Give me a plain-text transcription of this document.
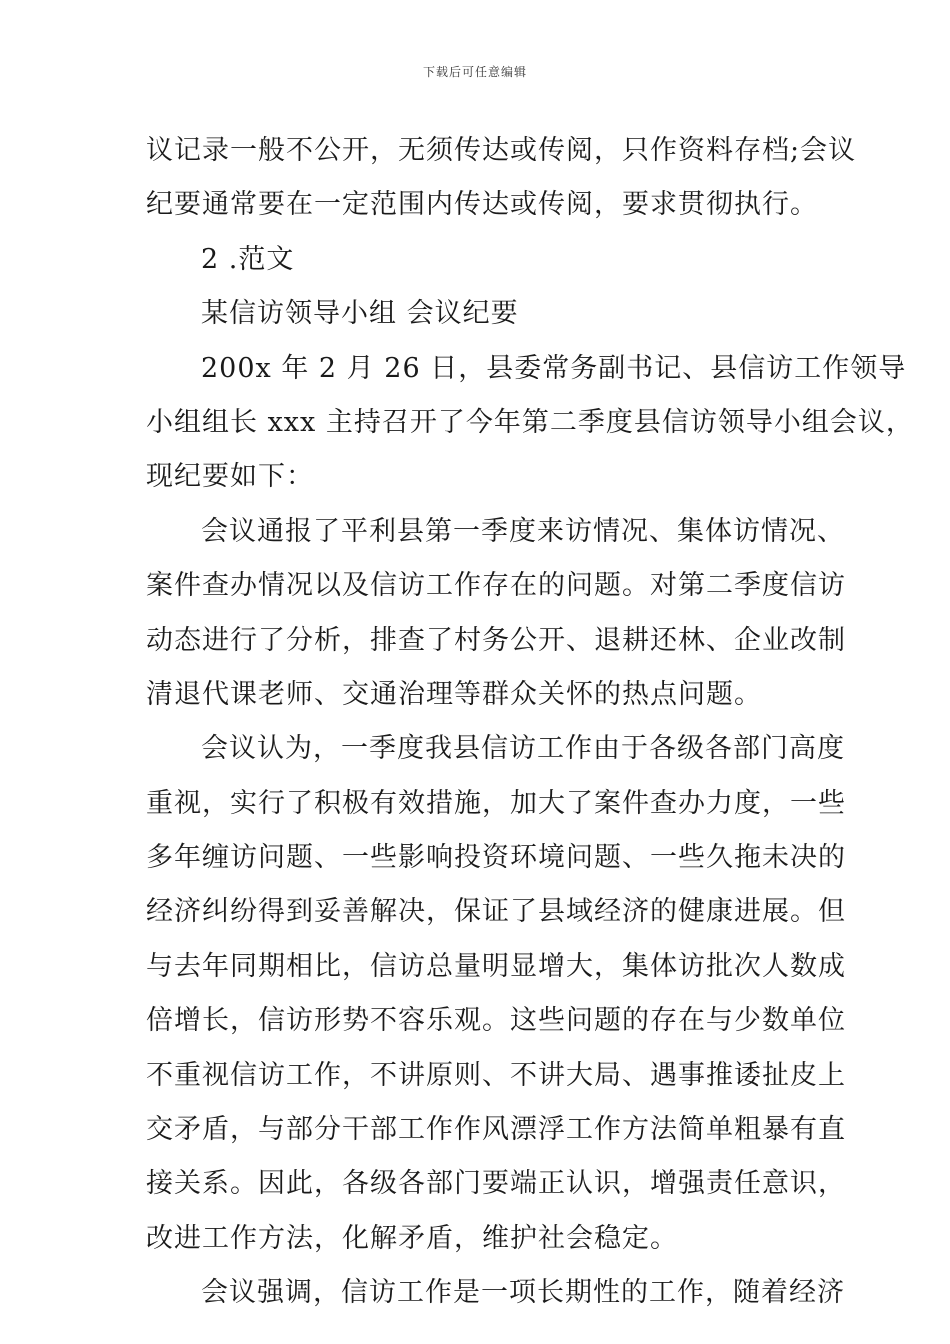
下载后可任意编辑
议记录一般不公开，无须传达或传阅，只作资料存档;会议
纪要通常要在一定范围内传达或传阅，要求贯彻执行。
2 .范文
某信访领导小组 会议纪要
200x 年 2 月 26 日，县委常务副书记、县信访工作领导
小组组长 xxx 主持召开了今年第二季度县信访领导小组会议，
现纪要如下：
会议通报了平利县第一季度来访情况、集体访情况、
案件查办情况以及信访工作存在的问题。对第二季度信访
动态进行了分析，排查了村务公开、退耕还林、企业改制
清退代课老师、交通治理等群众关怀的热点问题。
会议认为，一季度我县信访工作由于各级各部门高度
重视，实行了积极有效措施，加大了案件查办力度，一些
多年缠访问题、一些影响投资环境问题、一些久拖未决的
经济纠纷得到妥善解决，保证了县域经济的健康进展。但
与去年同期相比，信访总量明显增大，集体访批次人数成
倍增长，信访形势不容乐观。这些问题的存在与少数单位
不重视信访工作，不讲原则、不讲大局、遇事推诿扯皮上
交矛盾，与部分干部工作作风漂浮工作方法简单粗暴有直
接关系。因此，各级各部门要端正认识，增强责任意识，
改进工作方法，化解矛盾，维护社会稳定。
会议强调，信访工作是一项长期性的工作，随着经济
